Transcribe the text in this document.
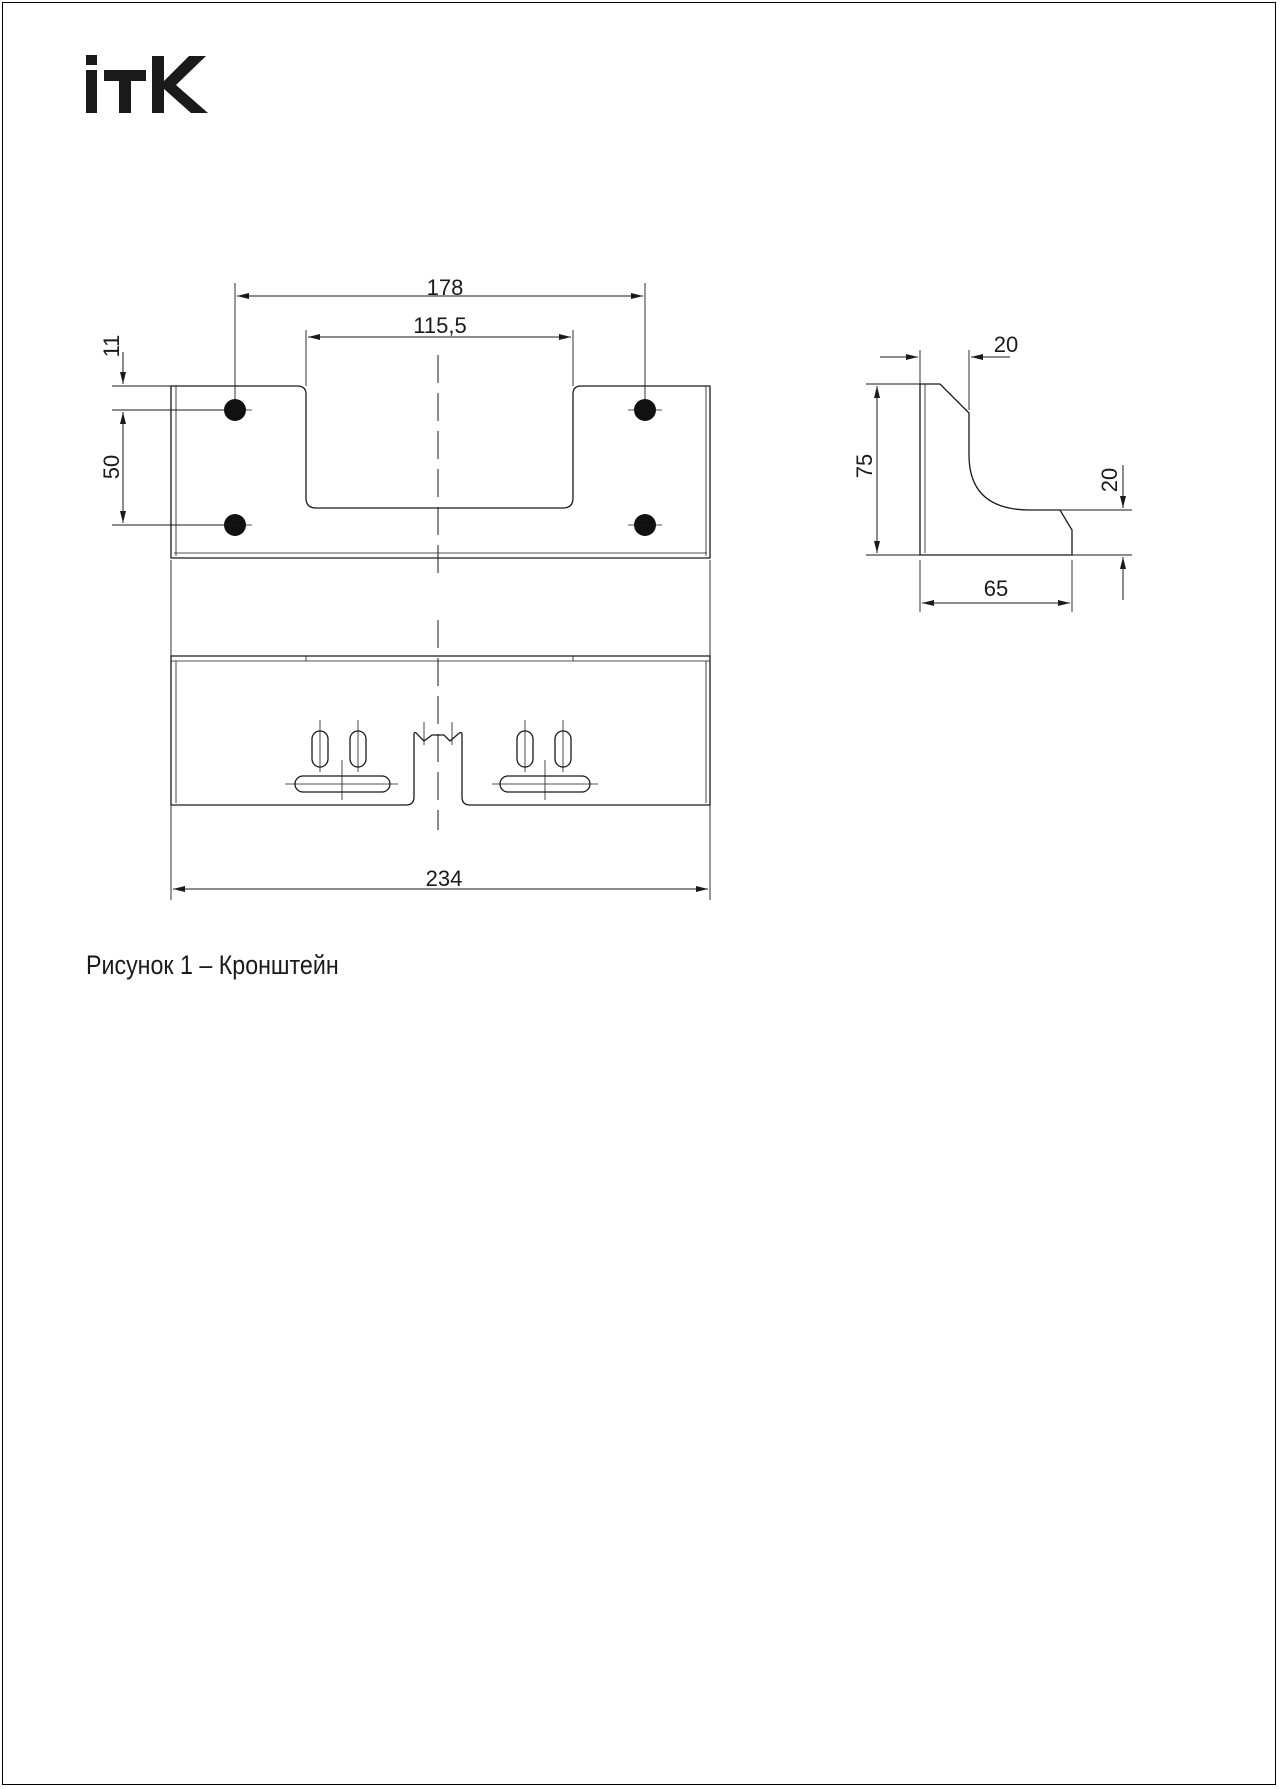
178
115,5
11
50
234
20
75
20
65
Рисунок 1 – Кронштейн
